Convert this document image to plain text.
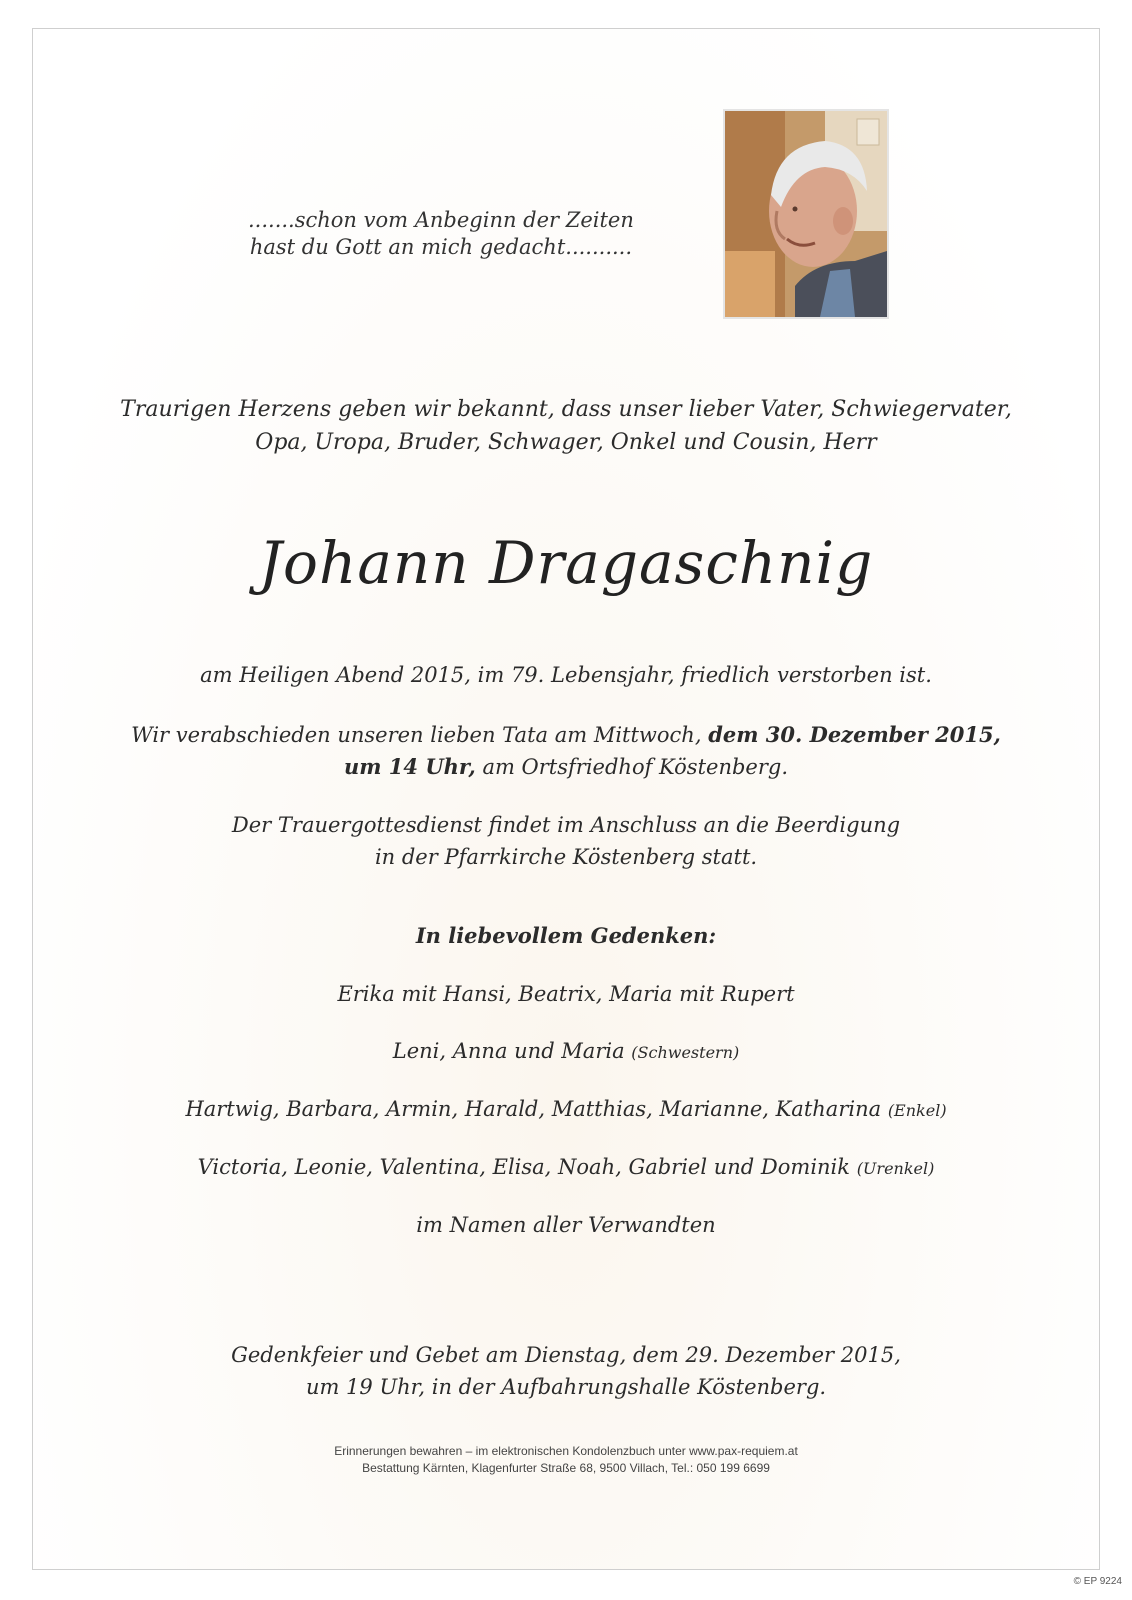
.......schon vom Anbeginn der Zeiten
hast du Gott an mich gedacht..........
Traurigen Herzens geben wir bekannt, dass unser lieber Vater, Schwiegervater,
Opa, Uropa, Bruder, Schwager, Onkel und Cousin, Herr
Johann Dragaschnig
am Heiligen Abend 2015, im 79. Lebensjahr, friedlich verstorben ist.
Wir verabschieden unseren lieben Tata am Mittwoch, dem 30. Dezember 2015,
um 14 Uhr, am Ortsfriedhof Köstenberg.
Der Trauergottesdienst findet im Anschluss an die Beerdigung
in der Pfarrkirche Köstenberg statt.
In liebevollem Gedenken:
Erika mit Hansi, Beatrix, Maria mit Rupert
Leni, Anna und Maria (Schwestern)
Hartwig, Barbara, Armin, Harald, Matthias, Marianne, Katharina (Enkel)
Victoria, Leonie, Valentina, Elisa, Noah, Gabriel und Dominik (Urenkel)
im Namen aller Verwandten
Gedenkfeier und Gebet am Dienstag, dem 29. Dezember 2015,
um 19 Uhr, in der Aufbahrungshalle Köstenberg.
Erinnerungen bewahren – im elektronischen Kondolenzbuch unter www.pax-requiem.at
Bestattung Kärnten, Klagenfurter Straße 68, 9500 Villach, Tel.: 050 199 6699
© EP 9224
